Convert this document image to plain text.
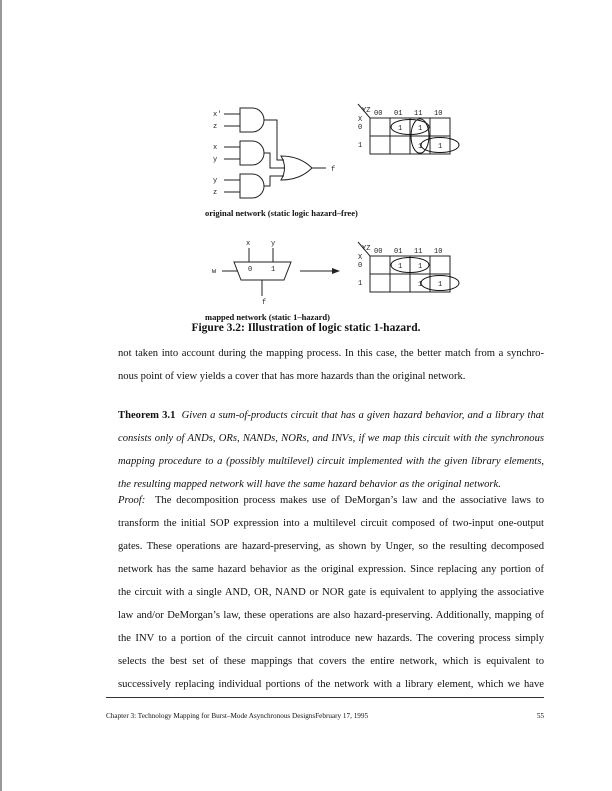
x'
z
x
y
y
z
f
x	y
w	0	1
f
YZ
X
00 01 11 10
0
1
1 1
1 1
YZ
X
00 01 11 10
0
1
1 1
1 1
original network (static logic hazard–free)
mapped network (static 1–hazard)
Figure 3.2: Illustration of logic static 1-hazard.
not taken into account during the mapping process. In this case, the better match from a synchro-
nous point of view yields a cover that has more hazards than the original network.
Theorem 3.1 Given a sum-of-products circuit that has a given hazard behavior, and a library that
consists only of ANDs, ORs, NANDs, NORs, and INVs, if we map this circuit with the synchronous
mapping procedure to a (possibly multilevel) circuit implemented with the given library elements,
the resulting mapped network will have the same hazard behavior as the original network.
Proof: The decomposition process makes use of DeMorgan’s law and the associative laws to
transform the initial SOP expression into a multilevel circuit composed of two-input one-output
gates. These operations are hazard-preserving, as shown by Unger, so the resulting decomposed
network has the same hazard behavior as the original expression. Since replacing any portion of
the circuit with a single AND, OR, NAND or NOR gate is equivalent to applying the associative
law and/or DeMorgan’s law, these operations are also hazard-preserving. Additionally, mapping of
the INV to a portion of the circuit cannot introduce new hazards. The covering process simply
selects the best set of these mappings that covers the entire network, which is equivalent to
successively replacing individual portions of the network with a library element, which we have
Chapter 3: Technology Mapping for Burst–Mode Asynchronous DesignsFebruary 17, 1995	55
